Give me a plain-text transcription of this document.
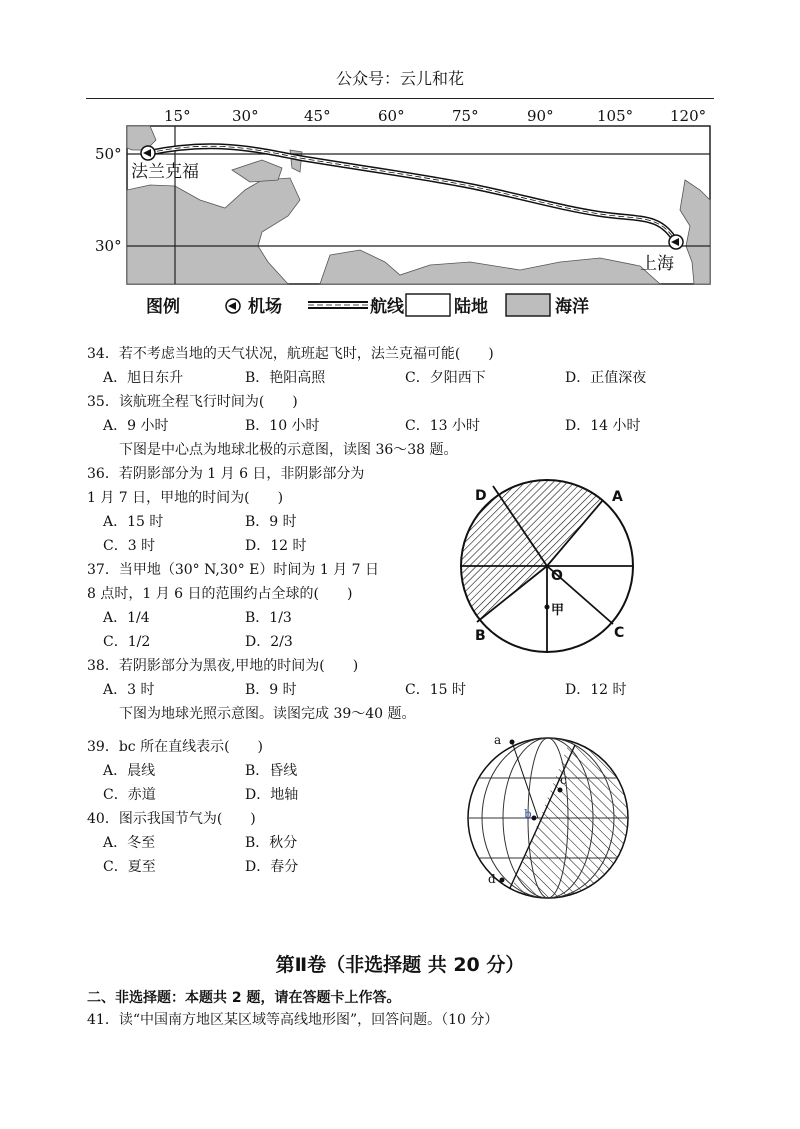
公众号：云儿和花
15°	30°	45°	60°	75°	90°	105° 120°
50°
30°
法兰克福
上海
图例	机场	航线	陆地	海洋
34．若不考虑当地的天气状况，航班起飞时，法兰克福可能(　　)
A．旭日东升	B．艳阳高照	C．夕阳西下	D．正值深夜
35．该航班全程飞行时间为(　　)
A．9 小时	B．10 小时	C．13 小时	D．14 小时
下图是中心点为地球北极的示意图，读图 36～38 题。
36．若阴影部分为 1 月 6 日，非阴影部分为
1 月 7 日，甲地的时间为(　　)
A．15 时	B．9 时
C．3 时	D．12 时
37．当甲地（30° N,30° E）时间为 1 月 7 日
8 点时，1 月 6 日的范围约占全球的(　　)
A．1/4	B．1/3
C．1/2	D．2/3
D	A
B	C
O
甲
38．若阴影部分为黑夜,甲地的时间为(　　)
A．3 时	B．9 时	C．15 时	D．12 时
下图为地球光照示意图。读图完成 39～40 题。
39．bc 所在直线表示(　　)
A．晨线	B．昏线
C．赤道	D．地轴
40．图示我国节气为(　　)
A．冬至	B．秋分
C．夏至	D．春分
a
c
b
d
第Ⅱ卷（非选择题 共 20 分）
二、非选择题：本题共 2 题，请在答题卡上作答。
41．读“中国南方地区某区域等高线地形图”，回答问题。（10 分）
